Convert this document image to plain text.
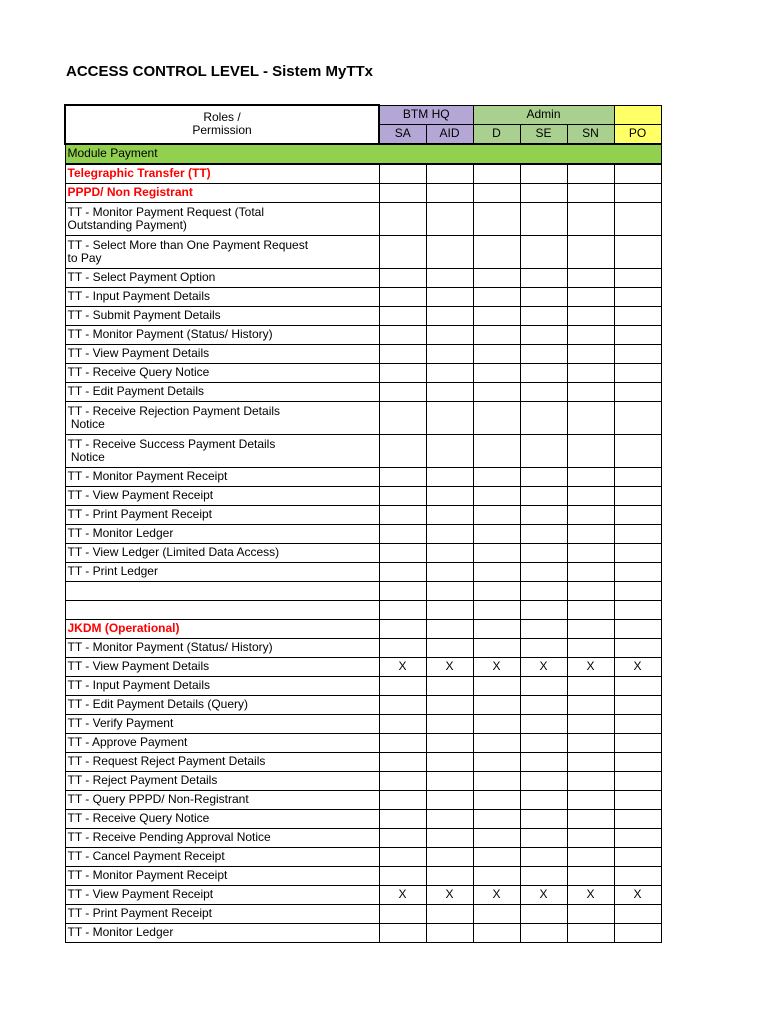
ACCESS CONTROL LEVEL - Sistem MyTTx
Roles /
Permission	BTM HQ		Admin			
	SA	AID	D	SE	SN	PO
Module Payment						
Telegraphic Transfer (TT)						
PPPD/ Non Registrant						
TT - Monitor Payment Request (Total
Outstanding Payment)						
TT - Select More than One Payment Request
to Pay						
TT - Select Payment Option						
TT - Input Payment Details						
TT - Submit Payment Details						
TT - Monitor Payment (Status/ History)						
TT - View Payment Details						
TT - Receive Query Notice						
TT - Edit Payment Details						
TT - Receive Rejection Payment Details
Notice						
TT - Receive Success Payment Details
Notice						
TT - Monitor Payment Receipt						
TT - View Payment Receipt						
TT - Print Payment Receipt						
TT - Monitor Ledger						
TT - View Ledger (Limited Data Access)						
TT - Print Ledger						

JKDM (Operational)						
TT - Monitor Payment (Status/ History)						
TT - View Payment Details	X	X	X	X	X	X
TT - Input Payment Details						
TT - Edit Payment Details (Query)						
TT - Verify Payment						
TT - Approve Payment						
TT - Request Reject Payment Details						
TT - Reject Payment Details						
TT - Query PPPD/ Non-Registrant						
TT - Receive Query Notice						
TT - Receive Pending Approval Notice						
TT - Cancel Payment Receipt						
TT - Monitor Payment Receipt						
TT - View Payment Receipt	X	X	X	X	X	X
TT - Print Payment Receipt						
TT - Monitor Ledger						
